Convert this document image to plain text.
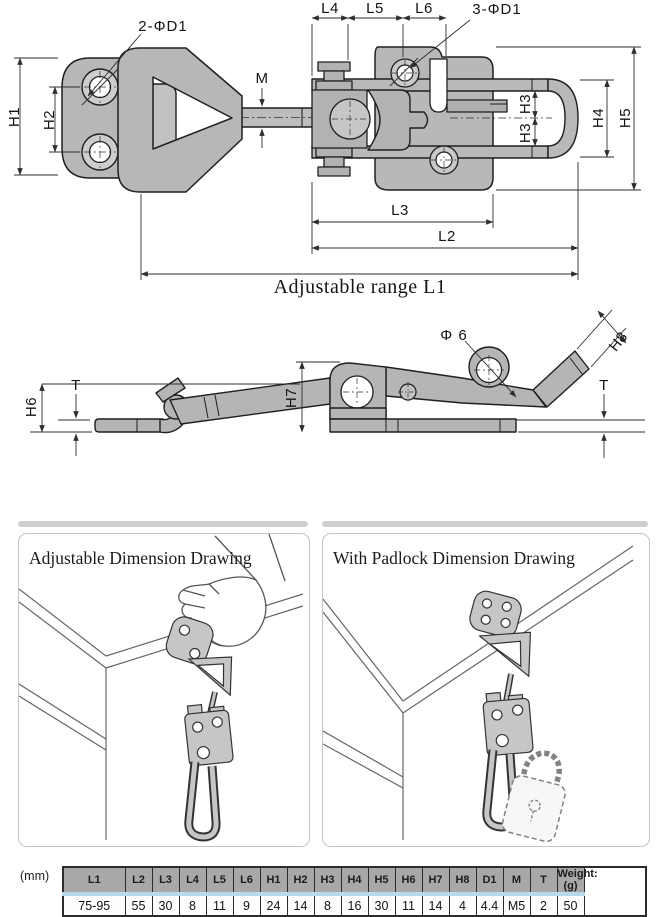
2-ΦD1
3-ΦD1
L4 L5 L6
M
H1 H2
H3
H3
H4 H5
L3
L2
Adjustable range L1
H6
T
H7
Φ 6	H8
T
Adjustable Dimension Drawing	With Padlock Dimension Drawing
(mm)	L1	L2	L3	L4	L5	L6	H1	H2	H3	H4	H5	H6	H7	H8	D1	M	T	Weight:(g)
75-95	55	30	8	11	9	24	14	8	16	30	11	14	4	4.4	M5	2	50
